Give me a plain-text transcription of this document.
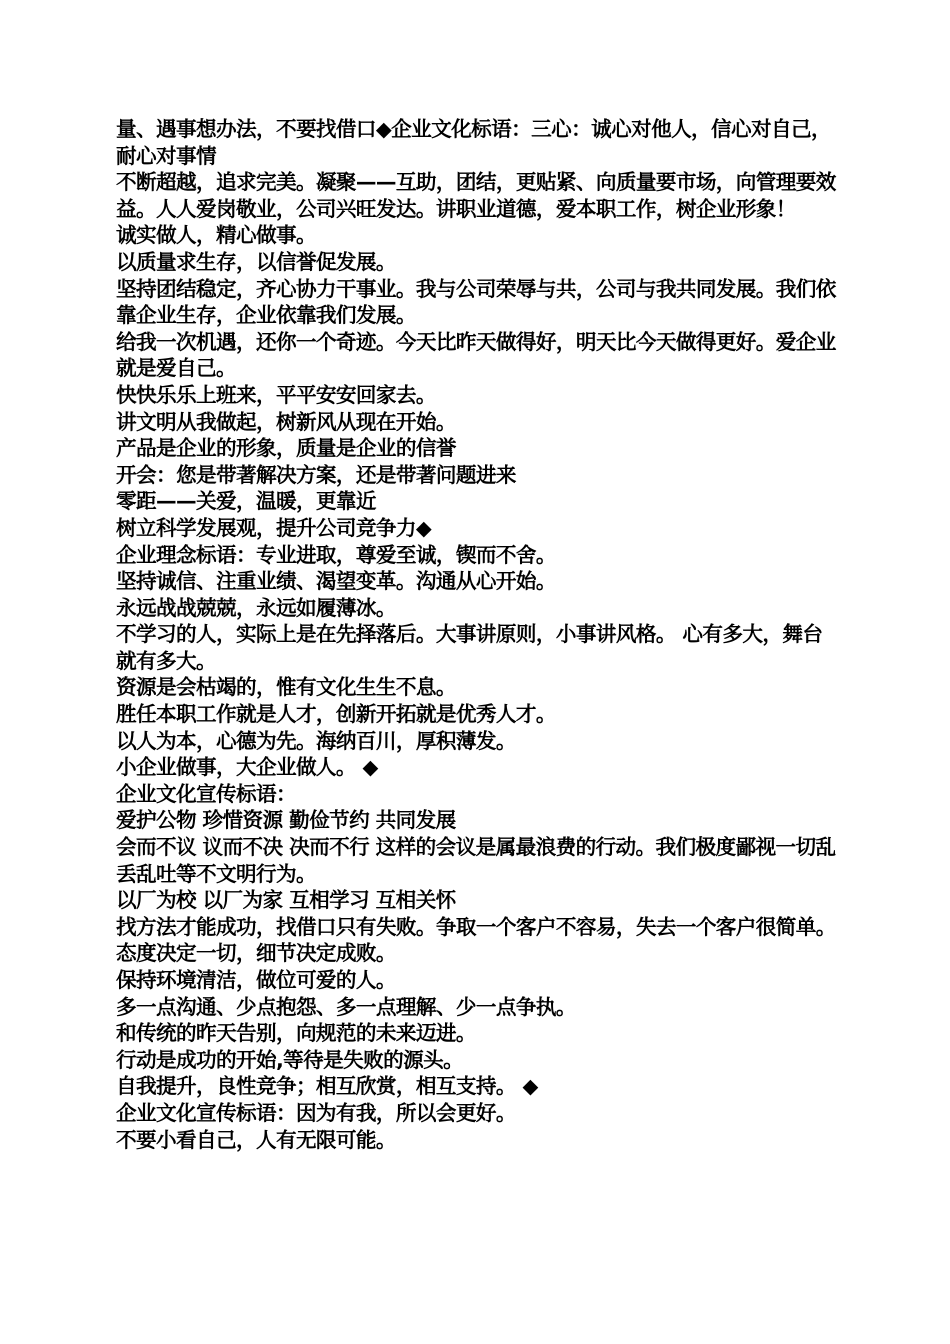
量、遇事想办法，不要找借口◆企业文化标语：三心：诚心对他人，信心对自己，耐心对事情

不断超越，追求完美。凝聚——互助，团结，更贴紧、向质量要市场，向管理要效益。人人爱岗敬业，公司兴旺发达。讲职业道德，爱本职工作，树企业形象！

诚实做人，精心做事。

以质量求生存，以信誉促发展。

坚持团结稳定，齐心协力干事业。我与公司荣辱与共，公司与我共同发展。我们依靠企业生存，企业依靠我们发展。

给我一次机遇，还你一个奇迹。今天比昨天做得好，明天比今天做得更好。爱企业就是爱自己。

快快乐乐上班来，平平安安回家去。

讲文明从我做起，树新风从现在开始。

产品是企业的形象，质量是企业的信誉

开会：您是带著解决方案，还是带著问题进来

零距——关爱，温暖，更靠近

树立科学发展观，提升公司竞争力◆

企业理念标语：专业进取，尊爱至诚，锲而不舍。

坚持诚信、注重业绩、渴望变革。沟通从心开始。

永远战战兢兢，永远如履薄冰。

不学习的人，实际上是在先择落后。大事讲原则，小事讲风格。 心有多大，舞台就有多大。

资源是会枯竭的，惟有文化生生不息。

胜任本职工作就是人才，创新开拓就是优秀人才。

以人为本，心德为先。海纳百川，厚积薄发。

小企业做事，大企业做人。 ◆

企业文化宣传标语：

爱护公物 珍惜资源 勤俭节约 共同发展

会而不议 议而不决 决而不行 这样的会议是属最浪费的行动。我们极度鄙视一切乱丢乱吐等不文明行为。

以厂为校 以厂为家 互相学习 互相关怀

找方法才能成功，找借口只有失败。争取一个客户不容易，失去一个客户很简单。态度决定一切，细节决定成败。

保持环境清洁，做位可爱的人。

多一点沟通、少点抱怨、多一点理解、少一点争执。

和传统的昨天告别，向规范的未来迈进。

行动是成功的开始,等待是失败的源头。

自我提升，良性竞争；相互欣赏，相互支持。 ◆

企业文化宣传标语：因为有我，所以会更好。

不要小看自己，人有无限可能。
